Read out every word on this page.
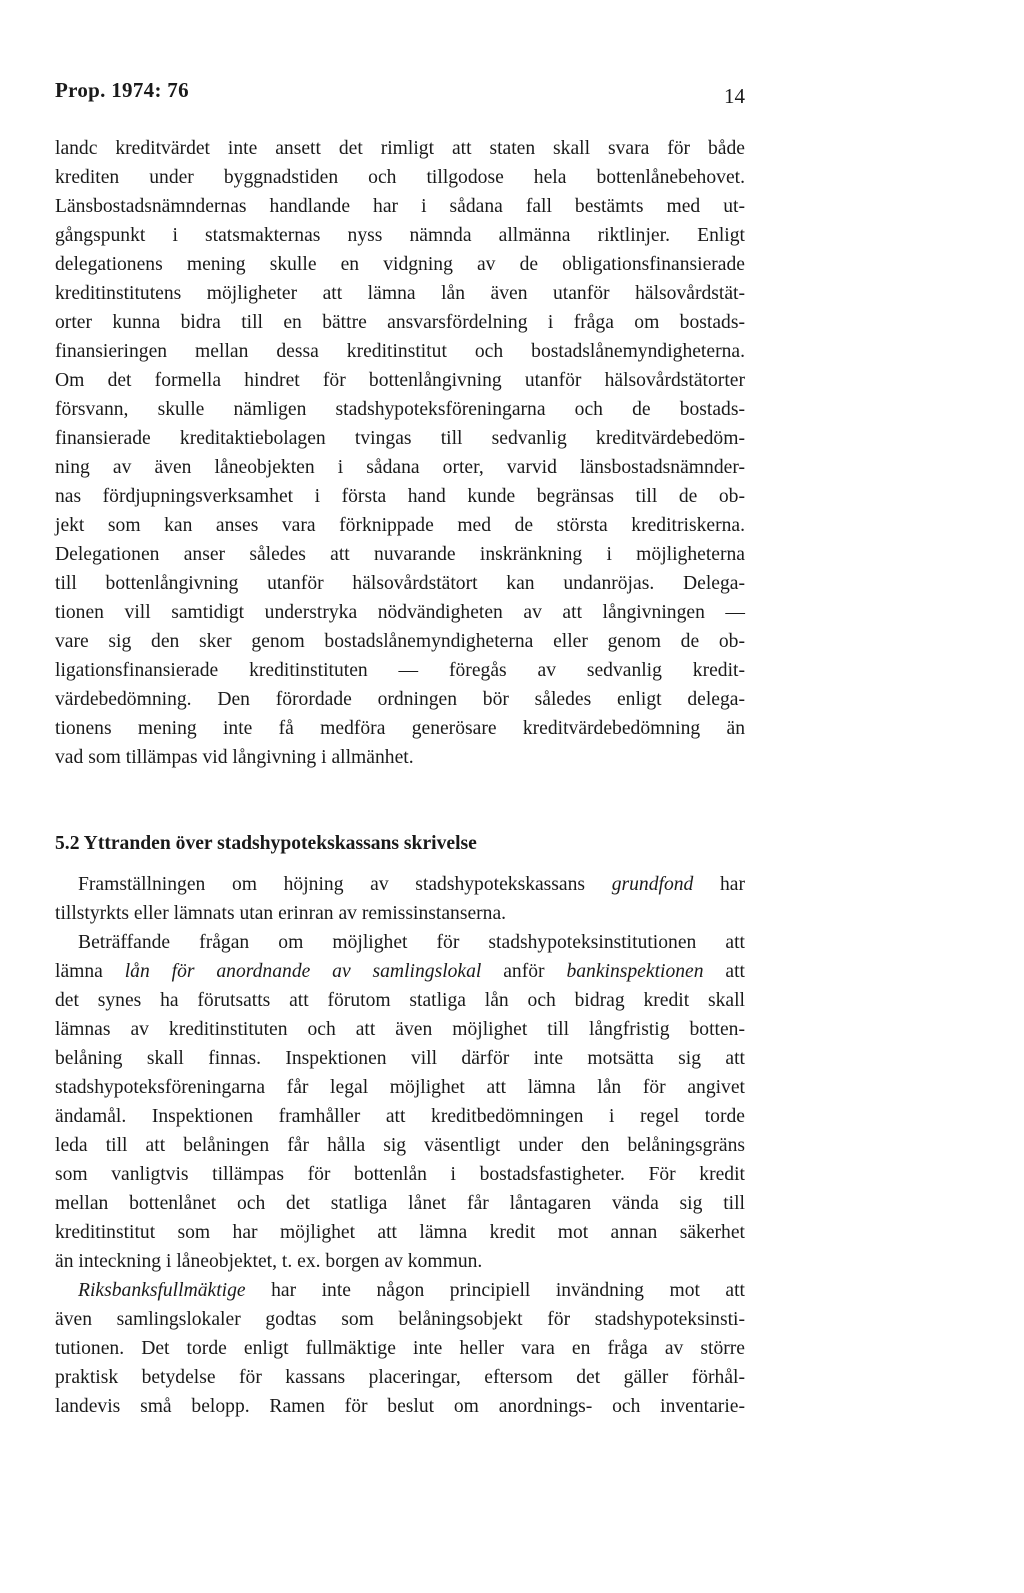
Prop. 1974: 76	14
landc kreditvärdet inte ansett det rimligt att staten skall svara för både
krediten under byggnadstiden och tillgodose hela bottenlånebehovet.
Länsbostadsnämndernas handlande har i sådana fall bestämts med ut-
gångspunkt i statsmakternas nyss nämnda allmänna riktlinjer. Enligt
delegationens mening skulle en vidgning av de obligationsfinansierade
kreditinstitutens möjligheter att lämna lån även utanför hälsovårdstät-
orter kunna bidra till en bättre ansvarsfördelning i fråga om bostads-
finansieringen mellan dessa kreditinstitut och bostadslånemyndigheterna.
Om det formella hindret för bottenlångivning utanför hälsovårdstätorter
försvann, skulle nämligen stadshypoteksföreningarna och de bostads-
finansierade kreditaktiebolagen tvingas till sedvanlig kreditvärdebedöm-
ning av även låneobjekten i sådana orter, varvid länsbostadsnämnder-
nas fördjupningsverksamhet i första hand kunde begränsas till de ob-
jekt som kan anses vara förknippade med de största kreditriskerna.
Delegationen anser således att nuvarande inskränkning i möjligheterna
till bottenlångivning utanför hälsovårdstätort kan undanröjas. Delega-
tionen vill samtidigt understryka nödvändigheten av att långivningen —
vare sig den sker genom bostadslånemyndigheterna eller genom de ob-
ligationsfinansierade kreditinstituten — föregås av sedvanlig kredit-
värdebedömning. Den förordade ordningen bör således enligt delega-
tionens mening inte få medföra generösare kreditvärdebedömning än
vad som tillämpas vid långivning i allmänhet.
5.2 Yttranden över stadshypotekskassans skrivelse
Framställningen om höjning av stadshypotekskassans grundfond har
tillstyrkts eller lämnats utan erinran av remissinstanserna.
Beträffande frågan om möjlighet för stadshypoteksinstitutionen att
lämna lån för anordnande av samlingslokal anför bankinspektionen att
det synes ha förutsatts att förutom statliga lån och bidrag kredit skall
lämnas av kreditinstituten och att även möjlighet till långfristig botten-
belåning skall finnas. Inspektionen vill därför inte motsätta sig att
stadshypoteksföreningarna får legal möjlighet att lämna lån för angivet
ändamål. Inspektionen framhåller att kreditbedömningen i regel torde
leda till att belåningen får hålla sig väsentligt under den belåningsgräns
som vanligtvis tillämpas för bottenlån i bostadsfastigheter. För kredit
mellan bottenlånet och det statliga lånet får låntagaren vända sig till
kreditinstitut som har möjlighet att lämna kredit mot annan säkerhet
än inteckning i låneobjektet, t. ex. borgen av kommun.
Riksbanksfullmäktige har inte någon principiell invändning mot att
även samlingslokaler godtas som belåningsobjekt för stadshypoteksinsti-
tutionen. Det torde enligt fullmäktige inte heller vara en fråga av större
praktisk betydelse för kassans placeringar, eftersom det gäller förhål-
landevis små belopp. Ramen för beslut om anordnings- och inventarie-
